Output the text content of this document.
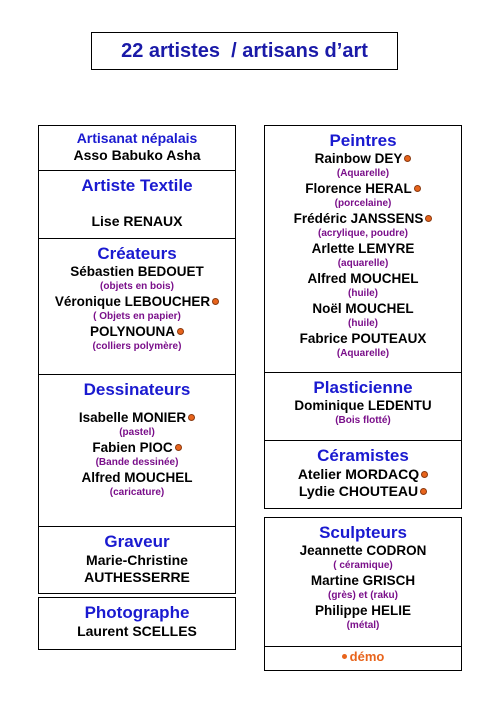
22 artistes  / artisans d’art
Artisanat népalais
Asso Babuko Asha
Artiste Textile
Lise RENAUX
Créateurs
Sébastien BEDOUET
(objets en bois)
Véronique LEBOUCHER
( Objets en papier)
POLYNOUNA
(colliers polymère)
Dessinateurs
Isabelle MONIER
(pastel)
Fabien PIOC
(Bande dessinée)
Alfred MOUCHEL
(caricature)
Graveur
Marie-Christine
AUTHESSERRE
Photographe
Laurent SCELLES
Peintres
Rainbow DEY
(Aquarelle)
Florence HERAL
(porcelaine)
Frédéric JANSSENS
(acrylique, poudre)
Arlette LEMYRE
(aquarelle)
Alfred MOUCHEL
(huile)
Noël MOUCHEL
(huile)
Fabrice POUTEAUX
(Aquarelle)
Plasticienne
Dominique LEDENTU
(Bois flotté)
Céramistes
Atelier MORDACQ
Lydie CHOUTEAU
Sculpteurs
Jeannette CODRON
( céramique)
Martine GRISCH
(grès) et (raku)
Philippe HELIE
(métal)
démo
